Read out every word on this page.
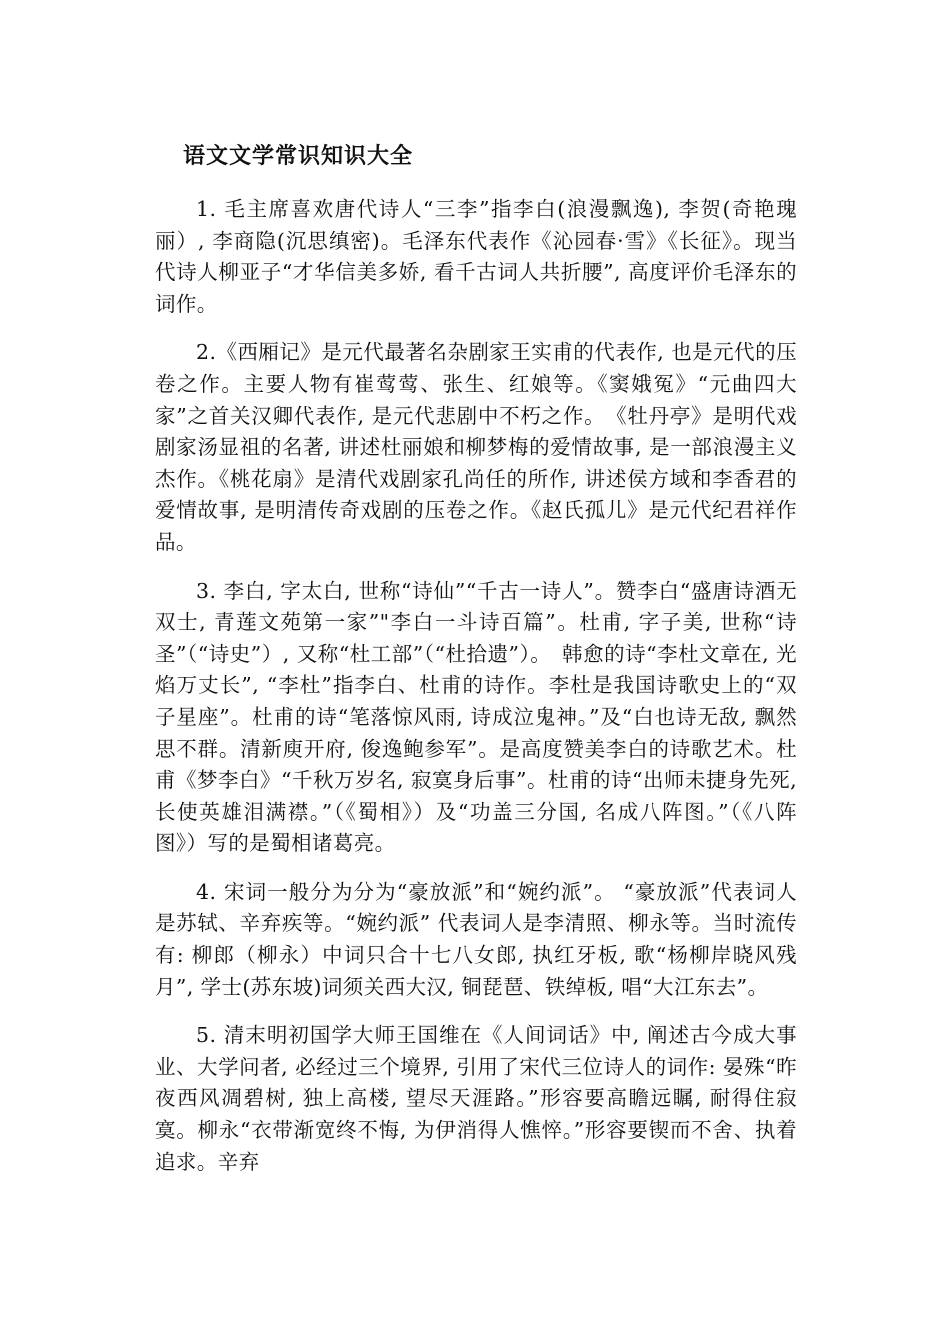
语文文学常识知识大全

1. 毛主席喜欢唐代诗人“三李”指李白(浪漫飘逸), 李贺(奇艳瑰丽）, 李商隐(沉思缜密)。毛泽东代表作《沁园春·雪》《长征》。现当代诗人柳亚子“才华信美多娇, 看千古词人共折腰”, 高度评价毛泽东的词作。

2.《西厢记》是元代最著名杂剧家王实甫的代表作, 也是元代的压卷之作。主要人物有崔莺莺、张生、红娘等。《窦娥冤》“元曲四大家”之首关汉卿代表作, 是元代悲剧中不朽之作。　《牡丹亭》是明代戏剧家汤显祖的名著, 讲述杜丽娘和柳梦梅的爱情故事, 是一部浪漫主义杰作。《桃花扇》是清代戏剧家孔尚任的所作, 讲述侯方域和李香君的爱情故事, 是明清传奇戏剧的压卷之作。《赵氏孤儿》是元代纪君祥作品。

3. 李白, 字太白, 世称“诗仙”“千古一诗人”。赞李白“盛唐诗酒无双士, 青莲文苑第一家”"李白一斗诗百篇”。杜甫, 字子美, 世称“诗圣”（“诗史”）, 又称“杜工部”（“杜拾遗”）。　韩愈的诗“李杜文章在, 光焰万丈长”, “李杜”指李白、杜甫的诗作。李杜是我国诗歌史上的“双子星座”。杜甫的诗“笔落惊风雨, 诗成泣鬼神。”及“白也诗无敌, 飘然思不群。清新庾开府, 俊逸鲍参军”。是高度赞美李白的诗歌艺术。杜甫《梦李白》“千秋万岁名, 寂寞身后事”。杜甫的诗“出师未捷身先死, 长使英雄泪满襟。”（《蜀相》）及“功盖三分国, 名成八阵图。”（《八阵图》）写的是蜀相诸葛亮。

4. 宋词一般分为分为“豪放派”和“婉约派”。 “豪放派”代表词人是苏轼、辛弃疾等。“婉约派” 代表词人是李清照、柳永等。当时流传有: 柳郎（柳永）中词只合十七八女郎, 执红牙板, 歌“杨柳岸晓风残月”, 学士(苏东坡)词须关西大汉, 铜琵琶、铁绰板, 唱“大江东去”。

5. 清末明初国学大师王国维在《人间词话》中, 阐述古今成大事业、大学问者, 必经过三个境界, 引用了宋代三位诗人的词作: 晏殊“昨夜西风凋碧树, 独上高楼, 望尽天涯路。”形容要高瞻远瞩, 耐得住寂寞。柳永“衣带渐宽终不悔, 为伊消得人憔悴。”形容要锲而不舍、执着追求。辛弃
